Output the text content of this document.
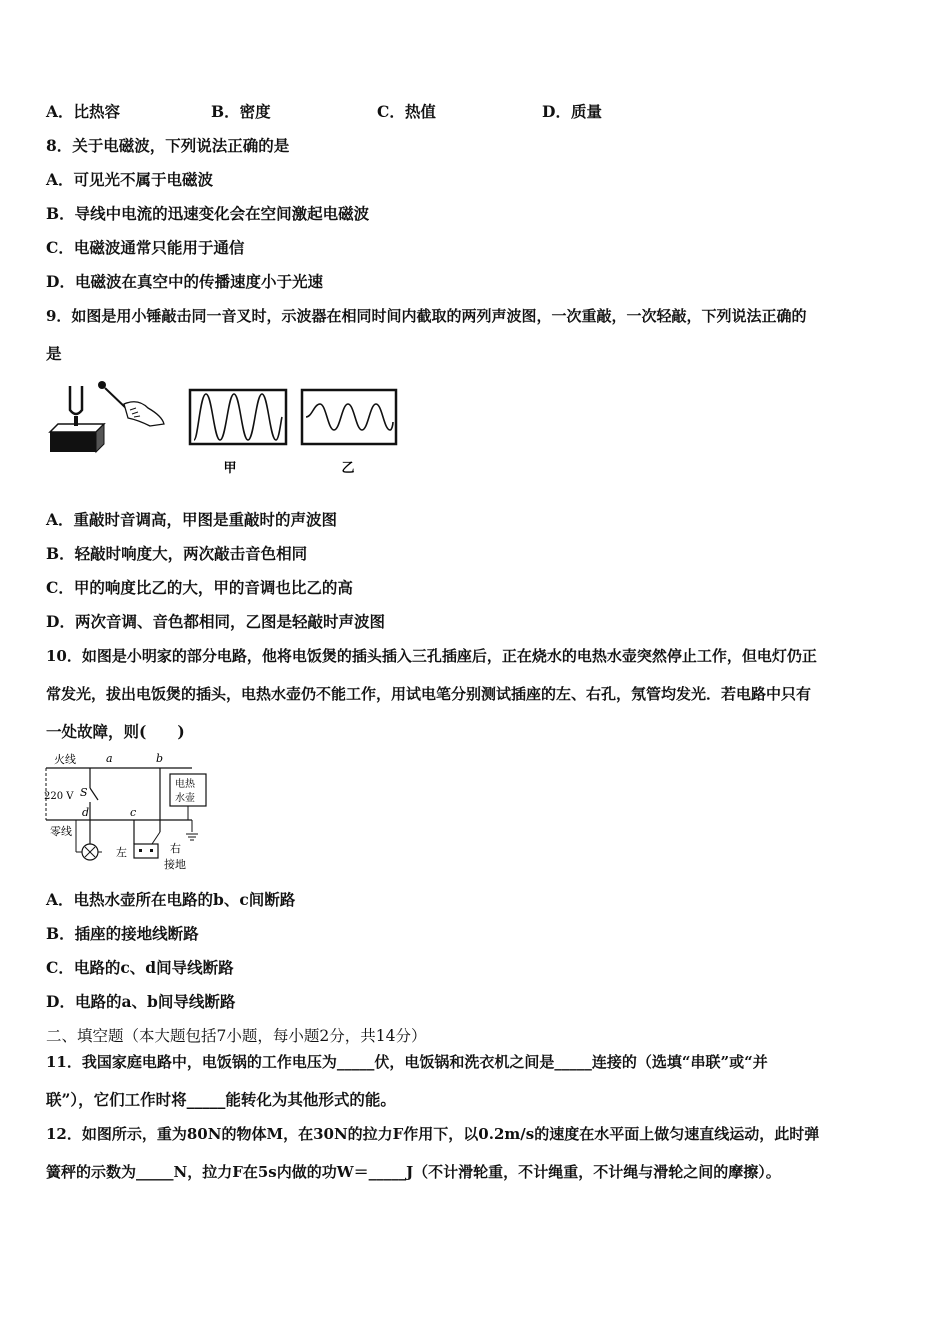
A．比热容	B．密度	C．热值	D．质量
8．关于电磁波，下列说法正确的是
A．可见光不属于电磁波
B．导线中电流的迅速变化会在空间激起电磁波
C．电磁波通常只能用于通信
D．电磁波在真空中的传播速度小于光速
9．如图是用小锤敲击同一音叉时，示波器在相同时间内截取的两列声波图，一次重敲，一次轻敲，下列说法正确的
是
甲	乙
A．重敲时音调高，甲图是重敲时的声波图
B．轻敲时响度大，两次敲击音色相同
C．甲的响度比乙的大，甲的音调也比乙的高
D．两次音调、音色都相同，乙图是轻敲时声波图
10．如图是小明家的部分电路，他将电饭煲的插头插入三孔插座后，正在烧水的电热水壶突然停止工作，但电灯仍正
常发光，拔出电饭煲的插头，电热水壶仍不能工作，用试电笔分别测试插座的左、右孔，氖管均发光．若电路中只有
一处故障，则(　　)
220 V
火线
零线
S
a
d
b
c
左	右
接地
电热
水壶
A．电热水壶所在电路的b、c间断路
B．插座的接地线断路
C．电路的c、d间导线断路
D．电路的a、b间导线断路
二、填空题（本大题包括7小题，每小题2分，共14分）
11．我国家庭电路中，电饭锅的工作电压为_____伏，电饭锅和洗衣机之间是_____连接的（选填“串联”或“并
联”），它们工作时将_____能转化为其他形式的能。
12．如图所示，重为80N的物体M，在30N的拉力F作用下，以0.2m/s的速度在水平面上做匀速直线运动，此时弹
簧秤的示数为_____N，拉力F在5s内做的功W＝_____J（不计滑轮重，不计绳重，不计绳与滑轮之间的摩擦）。
